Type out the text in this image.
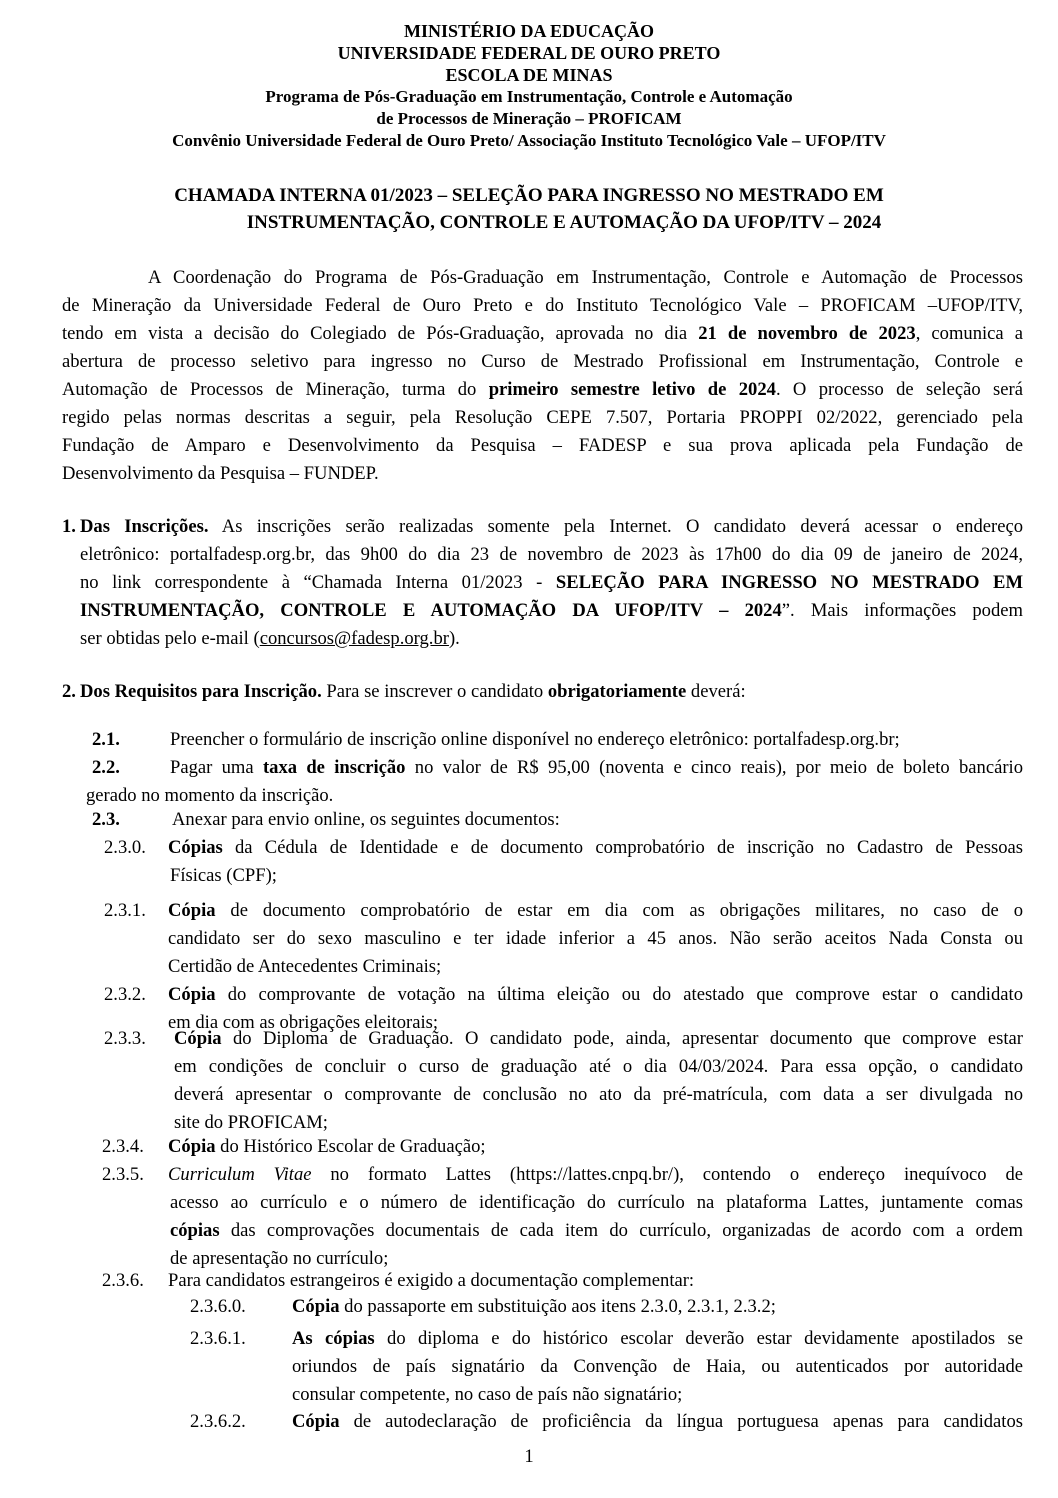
MINISTÉRIO DA EDUCAÇÃO
UNIVERSIDADE FEDERAL DE OURO PRETO
ESCOLA DE MINAS
Programa de Pós-Graduação em Instrumentação, Controle e Automação
de Processos de Mineração – PROFICAM
Convênio Universidade Federal de Ouro Preto/ Associação Instituto Tecnológico Vale – UFOP/ITV
CHAMADA INTERNA 01/2023 – SELEÇÃO PARA INGRESSO NO MESTRADO EM
INSTRUMENTAÇÃO, CONTROLE E AUTOMAÇÃO DA UFOP/ITV – 2024
A Coordenação do Programa de Pós-Graduação em Instrumentação, Controle e Automação de Processos
de Mineração da Universidade Federal de Ouro Preto e do Instituto Tecnológico Vale – PROFICAM –UFOP/ITV,
tendo em vista a decisão do Colegiado de Pós-Graduação, aprovada no dia 21 de novembro de 2023, comunica a
abertura de processo seletivo para ingresso no Curso de Mestrado Profissional em Instrumentação, Controle e
Automação de Processos de Mineração, turma do primeiro semestre letivo de 2024. O processo de seleção será
regido pelas normas descritas a seguir, pela Resolução CEPE 7.507, Portaria PROPPI 02/2022, gerenciado pela
Fundação de Amparo e Desenvolvimento da Pesquisa – FADESP e sua prova aplicada pela Fundação de
Desenvolvimento da Pesquisa – FUNDEP.
1. Das Inscrições. As inscrições serão realizadas somente pela Internet. O candidato deverá acessar o endereço
eletrônico: portalfadesp.org.br, das 9h00 do dia 23 de novembro de 2023 às 17h00 do dia 09 de janeiro de 2024,
no link correspondente à “Chamada Interna 01/2023 - SELEÇÃO PARA INGRESSO NO MESTRADO EM
INSTRUMENTAÇÃO, CONTROLE E AUTOMAÇÃO DA UFOP/ITV – 2024”. Mais informações podem
ser obtidas pelo e-mail (concursos@fadesp.org.br).
2. Dos Requisitos para Inscrição. Para se inscrever o candidato obrigatoriamente deverá:
2.1.	Preencher o formulário de inscrição online disponível no endereço eletrônico: portalfadesp.org.br;
2.2.	Pagar uma taxa de inscrição no valor de R$ 95,00 (noventa e cinco reais), por meio de boleto bancário
gerado no momento da inscrição.
2.3.	Anexar para envio online, os seguintes documentos:
2.3.0. Cópias da Cédula de Identidade e de documento comprobatório de inscrição no Cadastro de Pessoas
Físicas (CPF);
2.3.1. Cópia de documento comprobatório de estar em dia com as obrigações militares, no caso de o
candidato ser do sexo masculino e ter idade inferior a 45 anos. Não serão aceitos Nada Consta ou
Certidão de Antecedentes Criminais;
2.3.2. Cópia do comprovante de votação na última eleição ou do atestado que comprove estar o candidato
em dia com as obrigações eleitorais;
2.3.3. Cópia do Diploma de Graduação. O candidato pode, ainda, apresentar documento que comprove estar
em condições de concluir o curso de graduação até o dia 04/03/2024. Para essa opção, o candidato
deverá apresentar o comprovante de conclusão no ato da pré-matrícula, com data a ser divulgada no
site do PROFICAM;
2.3.4. Cópia do Histórico Escolar de Graduação;
2.3.5. Curriculum Vitae no formato Lattes (https://lattes.cnpq.br/), contendo o endereço inequívoco de
acesso ao currículo e o número de identificação do currículo na plataforma Lattes, juntamente comas
cópias das comprovações documentais de cada item do currículo, organizadas de acordo com a ordem
de apresentação no currículo;
2.3.6. Para candidatos estrangeiros é exigido a documentação complementar:
2.3.6.0. Cópia do passaporte em substituição aos itens 2.3.0, 2.3.1, 2.3.2;
2.3.6.1. As cópias do diploma e do histórico escolar deverão estar devidamente apostilados se
oriundos de país signatário da Convenção de Haia, ou autenticados por autoridade
consular competente, no caso de país não signatário;
2.3.6.2. Cópia de autodeclaração de proficiência da língua portuguesa apenas para candidatos
1
